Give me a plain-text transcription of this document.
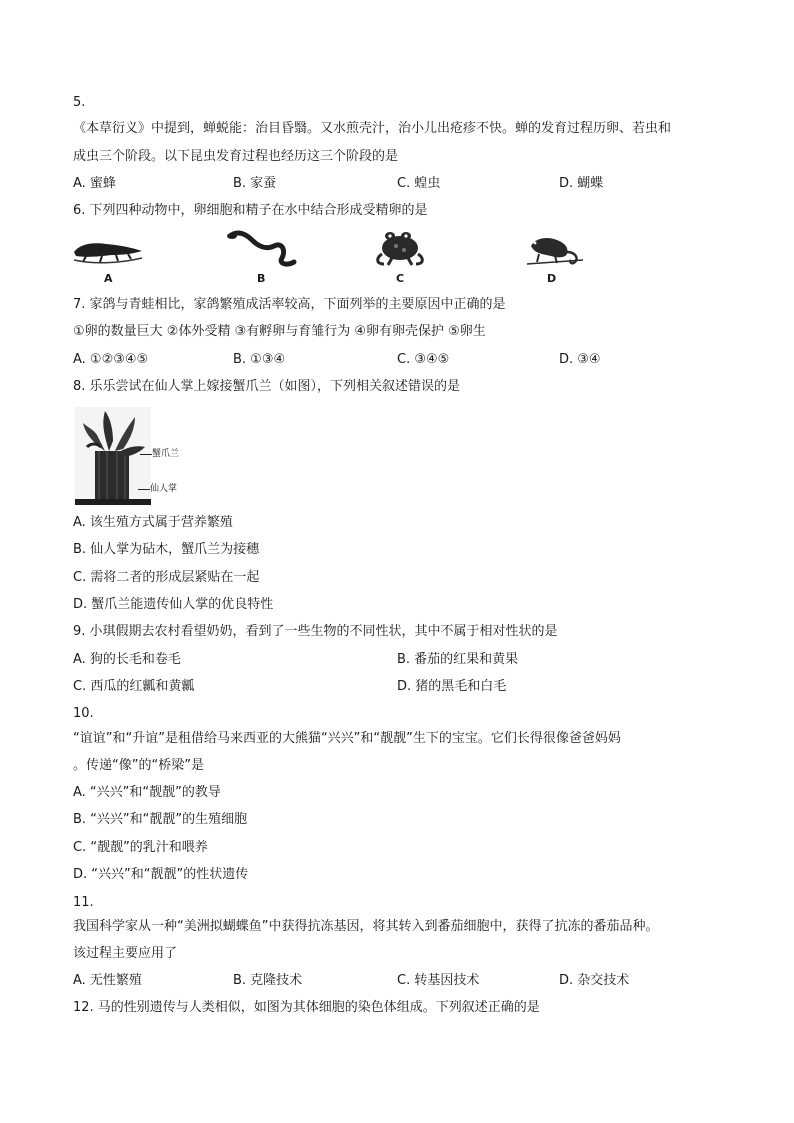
5.
《本草衍义》中提到，蝉蜕能：治目昏翳。又水煎壳汁，治小儿出疮疹不快。蝉的发育过程历卵、若虫和
成虫三个阶段。以下昆虫发育过程也经历这三个阶段的是
A. 蜜蜂	B. 家蚕	C. 蝗虫	D. 蝴蝶
6. 下列四种动物中，卵细胞和精子在水中结合形成受精卵的是
A	B	C	D
7. 家鸽与青蛙相比，家鸽繁殖成活率较高，下面列举的主要原因中正确的是
①卵的数量巨大 ②体外受精 ③有孵卵与育雏行为 ④卵有卵壳保护 ⑤卵生
A. ①②③④⑤	B. ①③④	C. ③④⑤	D. ③④
8. 乐乐尝试在仙人掌上嫁接蟹爪兰（如图），下列相关叙述错误的是
蟹爪兰
仙人掌
A. 该生殖方式属于营养繁殖
B. 仙人掌为砧木，蟹爪兰为接穗
C. 需将二者的形成层紧贴在一起
D. 蟹爪兰能遗传仙人掌的优良特性
9. 小琪假期去农村看望奶奶，看到了一些生物的不同性状，其中不属于相对性状的是
A. 狗的长毛和卷毛	B. 番茄的红果和黄果
C. 西瓜的红瓤和黄瓤	D. 猪的黑毛和白毛
10.
“谊谊”和“升谊”是租借给马来西亚的大熊猫“兴兴”和“靓靓”生下的宝宝。它们长得很像爸爸妈妈
。传递“像”的“桥梁”是
A. “兴兴”和“靓靓”的教导
B. “兴兴”和“靓靓”的生殖细胞
C. “靓靓”的乳汁和喂养
D. “兴兴”和“靓靓”的性状遗传
11.
我国科学家从一种“美洲拟蝴蝶鱼”中获得抗冻基因，将其转入到番茄细胞中，获得了抗冻的番茄品种。
该过程主要应用了
A. 无性繁殖	B. 克隆技术	C. 转基因技术	D. 杂交技术
12. 马的性别遗传与人类相似，如图为其体细胞的染色体组成。下列叙述正确的是
